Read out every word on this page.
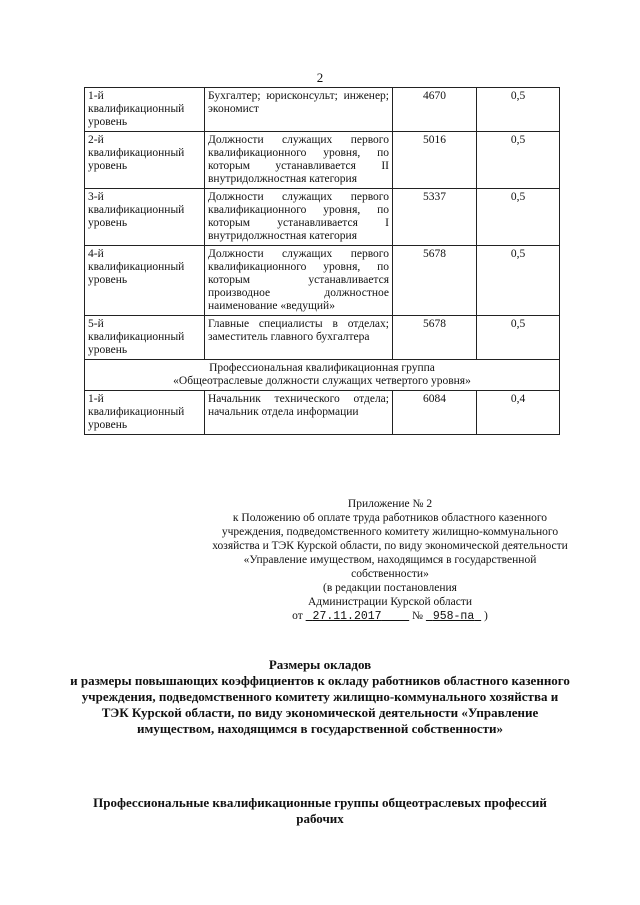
2
1-й квалификационный уровень	Бухгалтер; юрисконсульт; инженер; экономист	4670	0,5
2-й квалификационный уровень	Должности служащих первого квалификационного уровня, по которым устанавливается II внутридолжностная категория	5016	0,5
3-й квалификационный уровень	Должности служащих первого квалификационного уровня, по которым устанавливается I внутридолжностная категория	5337	0,5
4-й квалификационный уровень	Должности служащих первого квалификационного уровня, по которым устанавливается производное должностное наименование «ведущий»	5678	0,5
5-й квалификационный уровень	Главные специалисты в отделах; заместитель главного бухгалтера	5678	0,5

Профессиональная квалификационная группа
«Общеотраслевые должности служащих четвертого уровня»			

1-й квалификационный уровень	Начальник технического отдела; начальник отдела информации	6084	0,4
Приложение № 2
к Положению об оплате труда работников областного казенного учреждения, подведомственного комитету жилищно-коммунального хозяйства и ТЭК Курской области, по виду экономической деятельности «Управление имуществом, находящимся в государственной собственности»
(в редакции постановления
Администрации Курской области
от 27.11.2017	№ 958-па )
Размеры окладов
и размеры повышающих коэффициентов к окладу работников областного казенного учреждения, подведомственного комитету жилищно-коммунального хозяйства и ТЭК Курской области, по виду экономической деятельности «Управление имуществом, находящимся в государственной собственности»
Профессиональные квалификационные группы общеотраслевых профессий рабочих
